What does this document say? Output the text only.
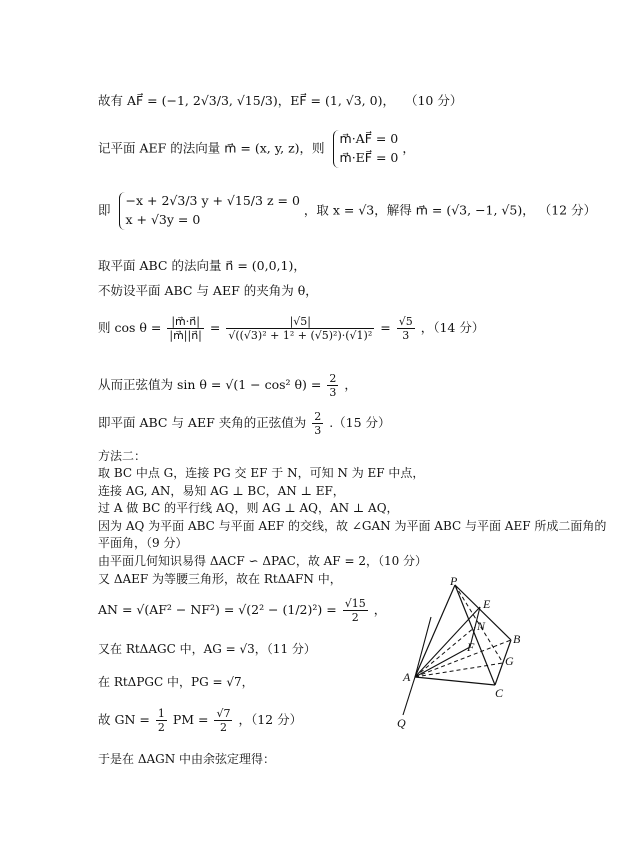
故有 AF⃗ = (−1, 2√3/3, √15/3)，EF⃗ = (1, √3, 0)， （10 分）
记平面 AEF 的法向量 m⃗ = (x, y, z)，则
m⃗·AF⃗ = 0
m⃗·EF⃗ = 0
，
即
−x + 2√3/3 y + √15/3 z = 0
x + √3y = 0
，取 x = √3，解得 m⃗ = (√3, −1, √5)， （12 分）
取平面 ABC 的法向量 n⃗ = (0,0,1)，
不妨设平面 ABC 与 AEF 的夹角为 θ，
则 $\cos \theta = \frac{|m⃗\cdot n⃗|}{|m⃗||n⃗|} = \frac{|√5|}{\text{√((√3)² + 1² + (√5)²)·(√1)²}} = \frac{√5}{3}$ ，（14 分）
从而正弦值为 sin θ = √(1 − cos² $\theta) = \frac{2}{3}$ ，
即平面 ABC 与 AEF 夹角的正弦值为 $\frac{2}{3} .(15$ 分）
方法二：
取 BC 中点 G，连接 PG 交 EF 于 N，可知 N 为 EF 中点，
连接 AG, AN，易知 AG ⊥ BC，AN ⊥ EF，
过 A 做 BC 的平行线 AQ，则 AG ⊥ AQ，AN ⊥ AQ，
因为 AQ 为平面 ABC 与平面 AEF 的交线，故 ∠GAN 为平面 ABC 与平面 AEF 所成二面角的
平面角，（9 分）
由平面几何知识易得 ΔACF ∽ ΔPAC，故 AF = 2，（10 分）
又 ΔAEF 为等腰三角形，故在 RtΔAFN 中，
AN = $√(AF^2 - NF^2) = √(2^2 - (1/2)^2) = \frac{√15}{2}$ ，
又在 RtΔAGC 中，AG = √3，（11 分）
在 RtΔPGC 中，PG = √7，
故 GN = $\frac{1}{2}$ PM = $\frac{√7}{2}$ ，（12 分）
于是在 ΔAGN 中由余弦定理得：
P
E
N
B
F
G
A
C
Q
